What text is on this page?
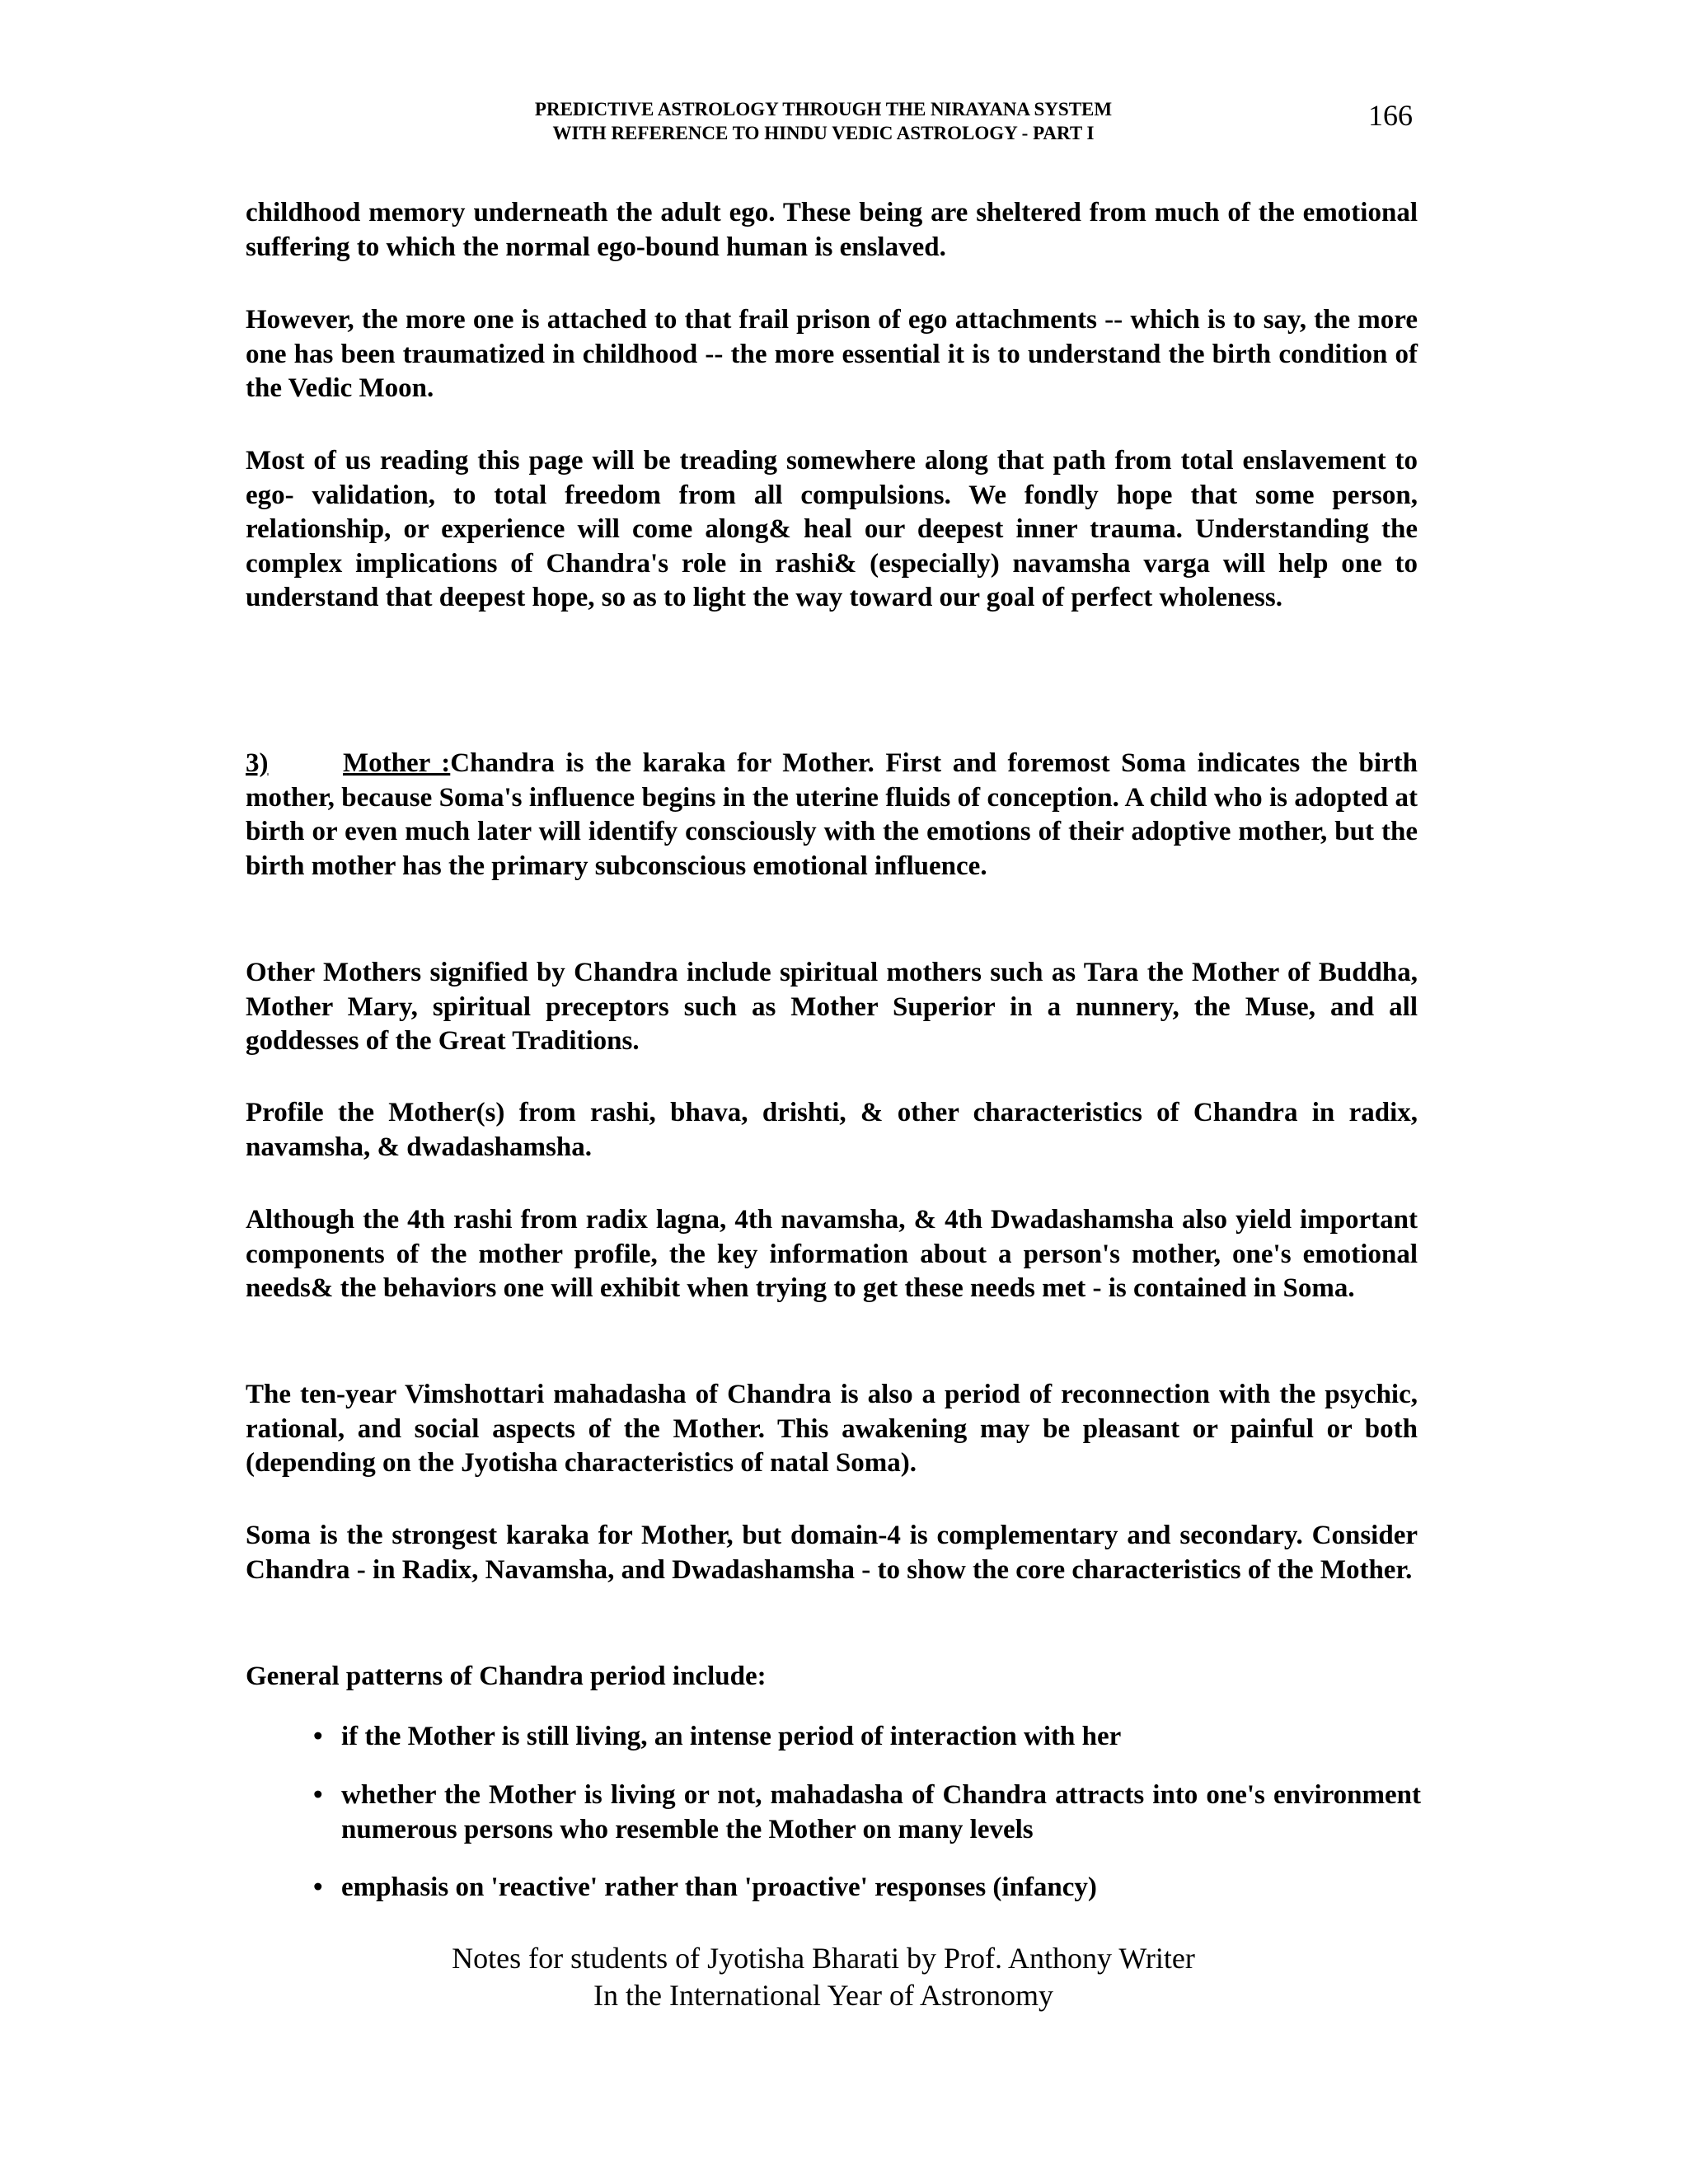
PREDICTIVE ASTROLOGY THROUGH THE NIRAYANA SYSTEM
WITH REFERENCE TO HINDU VEDIC ASTROLOGY - PART I
166

childhood memory underneath the adult ego. These being are sheltered from much of the emotional suffering to which the normal ego-bound human is enslaved.

However, the more one is attached to that frail prison of ego attachments -- which is to say, the more one has been traumatized in childhood -- the more essential it is to understand the birth condition of the Vedic Moon.

Most of us reading this page will be treading somewhere along that path from total enslavement to ego- validation, to total freedom from all compulsions. We fondly hope that some person, relationship, or experience will come along& heal our deepest inner trauma. Understanding the complex implications of Chandra's role in rashi& (especially) navamsha varga will help one to understand that deepest hope, so as to light the way toward our goal of perfect wholeness.

3)	Mother :Chandra is the karaka for Mother. First and foremost Soma indicates the birth mother, because Soma's influence begins in the uterine fluids of conception. A child who is adopted at birth or even much later will identify consciously with the emotions of their adoptive mother, but the birth mother has the primary subconscious emotional influence.

Other Mothers signified by Chandra include spiritual mothers such as Tara the Mother of Buddha, Mother Mary, spiritual preceptors such as Mother Superior in a nunnery, the Muse, and all goddesses of the Great Traditions.

Profile the Mother(s) from rashi, bhava, drishti, & other characteristics of Chandra in radix, navamsha, & dwadashamsha.

Although the 4th rashi from radix lagna, 4th navamsha, & 4th Dwadashamsha also yield important components of the mother profile, the key information about a person's mother, one's emotional needs& the behaviors one will exhibit when trying to get these needs met - is contained in Soma.

The ten-year Vimshottari mahadasha of Chandra is also a period of reconnection with the psychic, rational, and social aspects of the Mother. This awakening may be pleasant or painful or both (depending on the Jyotisha characteristics of natal Soma).

Soma is the strongest karaka for Mother, but domain-4 is complementary and secondary. Consider Chandra - in Radix, Navamsha, and Dwadashamsha - to show the core characteristics of the Mother.

General patterns of Chandra period include:

• if the Mother is still living, an intense period of interaction with her
• whether the Mother is living or not, mahadasha of Chandra attracts into one's environment numerous persons who resemble the Mother on many levels
• emphasis on 'reactive' rather than 'proactive' responses (infancy)
Notes for students of Jyotisha Bharati by Prof. Anthony Writer
In the International Year of Astronomy
